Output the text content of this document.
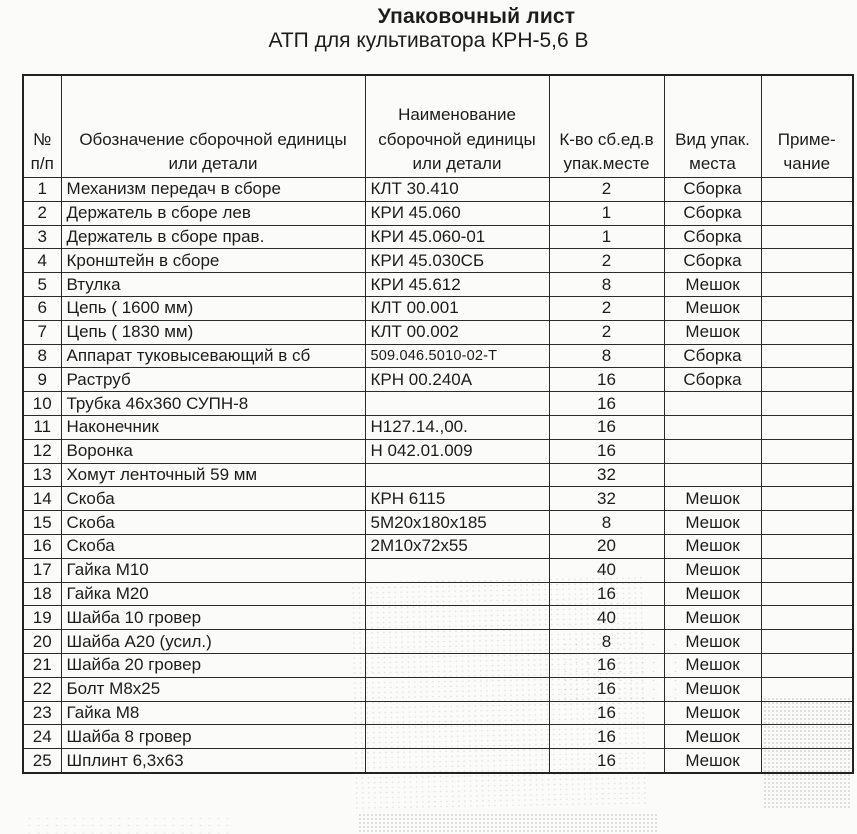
Упаковочный лист
АТП для культиватора КРН-5,6 В
№ п/п	Обозначение сборочной единицы или детали	Наименование сборочной единицы или детали	К-во сб.ед.в упак.месте	Вид упак. места	Приме-чание
1	Механизм передач в сборе	КЛТ 30.410	2	Сборка	
2	Держатель в сборе лев	КРИ 45.060	1	Сборка	
3	Держатель в сборе прав.	КРИ 45.060-01	1	Сборка	
4	Кронштейн в сборе	КРИ 45.030СБ	2	Сборка	
5	Втулка	КРИ 45.612	8	Мешок	
6	Цепь ( 1600 мм)	КЛТ 00.001	2	Мешок	
7	Цепь ( 1830 мм)	КЛТ 00.002	2	Мешок	
8	Аппарат туковысевающий в сб	509.046.5010-02-Т	8	Сборка	
9	Раструб	КРН 00.240А	16	Сборка	
10	Трубка 46х360 СУПН-8		16		
11	Наконечник	Н127.14.,00.	16		
12	Воронка	Н 042.01.009	16		
13	Хомут ленточный 59 мм		32		
14	Скоба	КРН 6115	32	Мешок	
15	Скоба	5М20х180х185	8	Мешок	
16	Скоба	2М10х72х55	20	Мешок	
17	Гайка М10		40	Мешок	
18	Гайка М20		16	Мешок	
19	Шайба 10 гровер		40	Мешок	
20	Шайба А20 (усил.)		8	Мешок	
21	Шайба 20 гровер		16	Мешок	
22	Болт М8х25		16	Мешок	
23	Гайка М8		16	Мешок	
24	Шайба 8 гровер		16	Мешок	
25	Шплинт 6,3х63		16	Мешок	
